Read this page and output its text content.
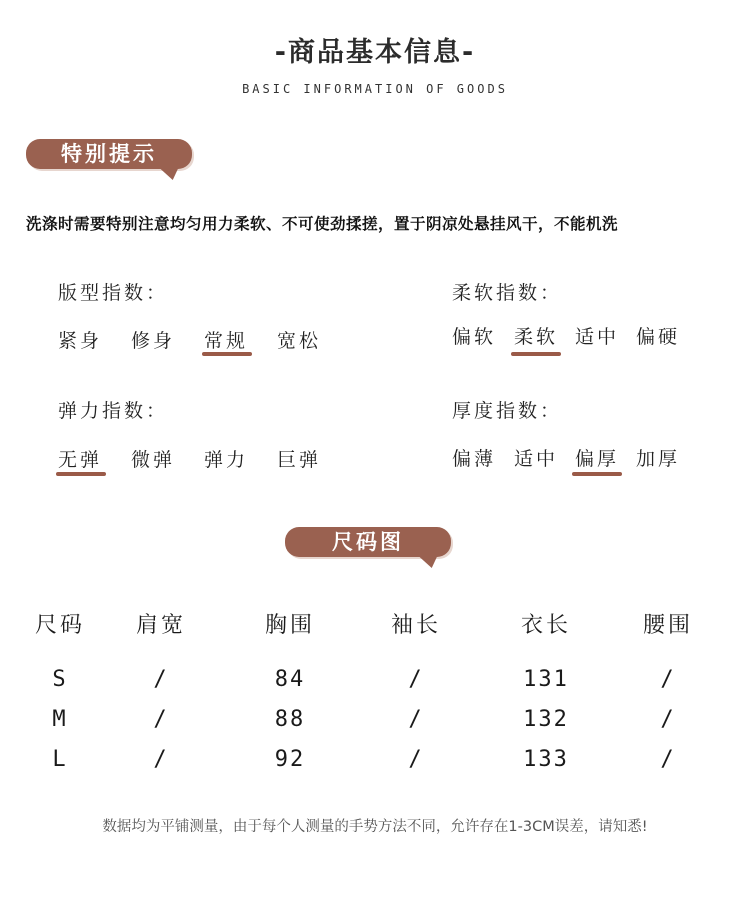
-商品基本信息-
BASIC INFORMATION OF GOODS
特别提示
洗涤时需要特别注意均匀用力柔软、不可使劲揉搓，置于阴凉处悬挂风干，不能机洗
版型指数：
紧身 修身 常规 宽松
柔软指数：
偏软 柔软 适中 偏硬
弹力指数：
无弹 微弹 弹力 巨弹
厚度指数：
偏薄 适中 偏厚 加厚
尺码图
尺码	肩宽	胸围	袖长	衣长	腰围
S	/	84	/	131	/
M	/	88	/	132	/
L	/	92	/	133	/
数据均为平铺测量，由于每个人测量的手势方法不同，允许存在1-3CM误差，请知悉!
